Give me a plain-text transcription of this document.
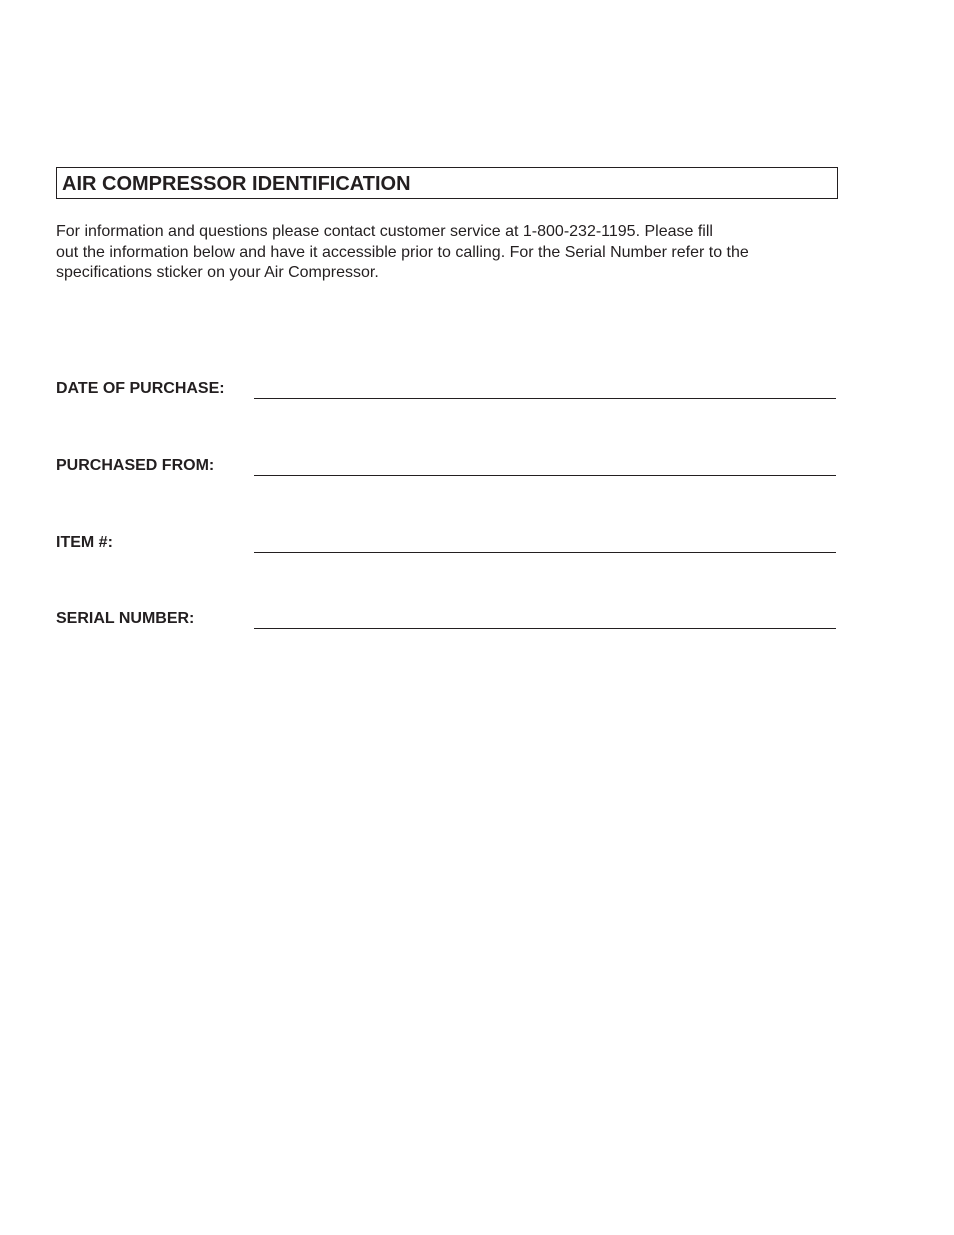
AIR COMPRESSOR IDENTIFICATION
For information and questions please contact customer service at 1-800-232-1195. Please fill
out the information below and have it accessible prior to calling. For the Serial Number refer to the
specifications sticker on your Air Compressor.
DATE OF PURCHASE:
PURCHASED FROM:
ITEM #:
SERIAL NUMBER:
